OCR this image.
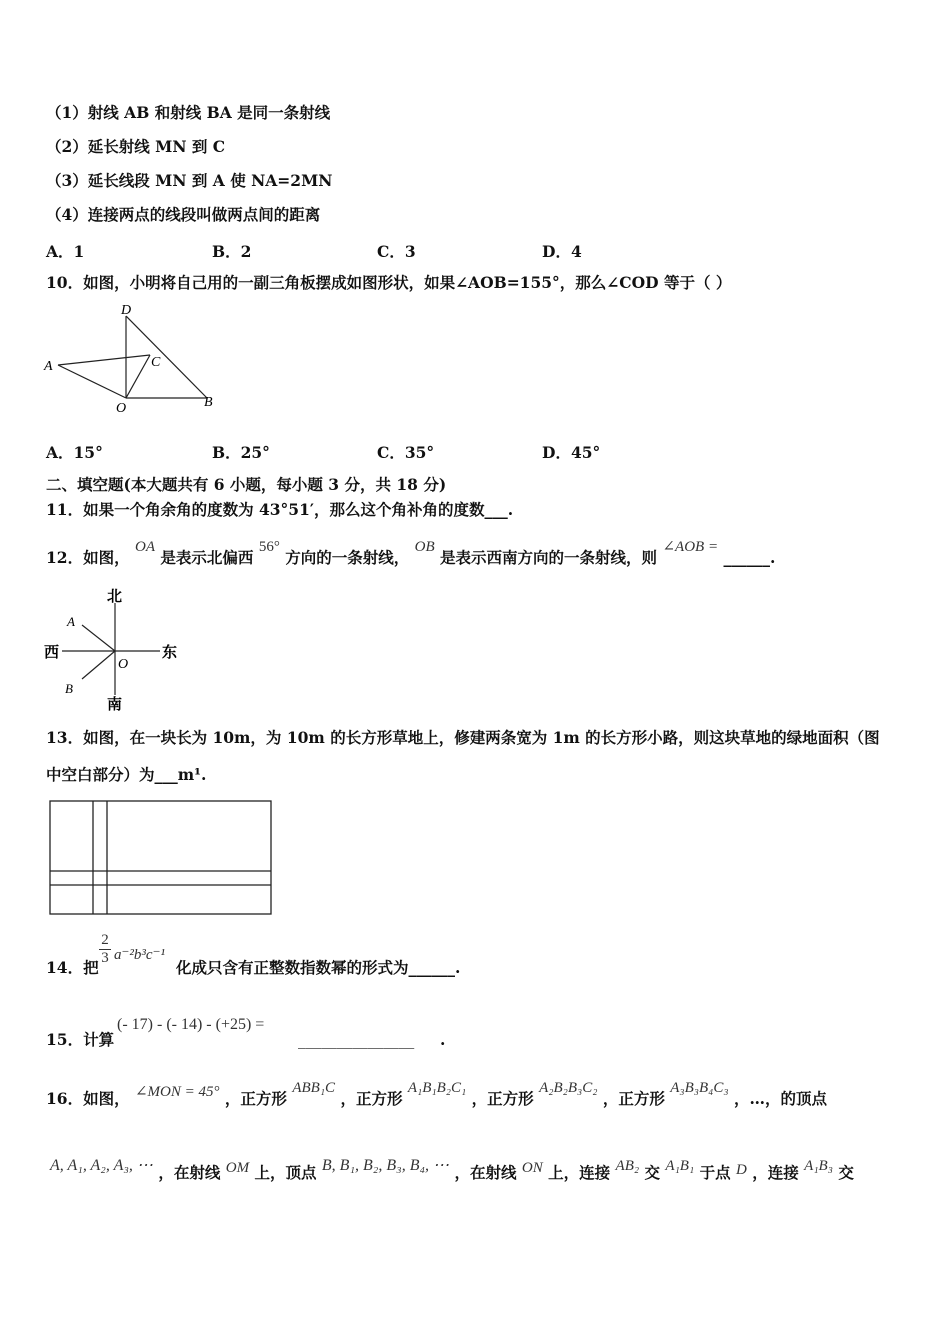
（1）射线 AB 和射线 BA 是同一条射线
（2）延长射线 MN 到 C
（3）延长线段 MN 到 A 使 NA=2MN
（4）连接两点的线段叫做两点间的距离
A．1	B．2	C．3	D．4
10．如图，小明将自己用的一副三角板摆成如图形状，如果∠AOB=155°，那么∠COD 等于（ ）
D
A	C
O	B
A．15°	B．25°	C．35°	D．45°
二、填空题(本大题共有 6 小题，每小题 3 分，共 18 分)
11．如果一个角余角的度数为 43°51′，那么这个角补角的度数___.
12．如图， OA 是表示北偏西 56° 方向的一条射线， OB 是表示西南方向的一条射线，则 ∠AOB = ______.
北
A
西
O
东
B
南
13．如图，在一块长为 10m，为 10m 的长方形草地上，修建两条宽为 1m 的长方形小路，则这块草地的绿地面积（图
中空白部分）为___m¹.
14．把
$\frac{2}{3} a^{-2}b^3c^{-1}$
化成只含有正整数指数幂的形式为______.
15．计算
(- 17) - (- 14) - (+25) =
_______________ .
16．如图， ∠MON = 45° ，正方形 ABB₁C ，正方形 A₁B₁B₂C₁ ，正方形 A₂B₂B₃C₂ ，正方形 A₃B₃B₄C₃ ，…，的顶点
A, A₁, A₂, A₃, ⋯ ，在射线 OM 上，顶点 B, B₁, B₂, B₃, B₄, ⋯ ，在射线 ON 上，连接 AB₂ 交 A₁B₁ 于点 D ，连接 A₁B₃ 交
